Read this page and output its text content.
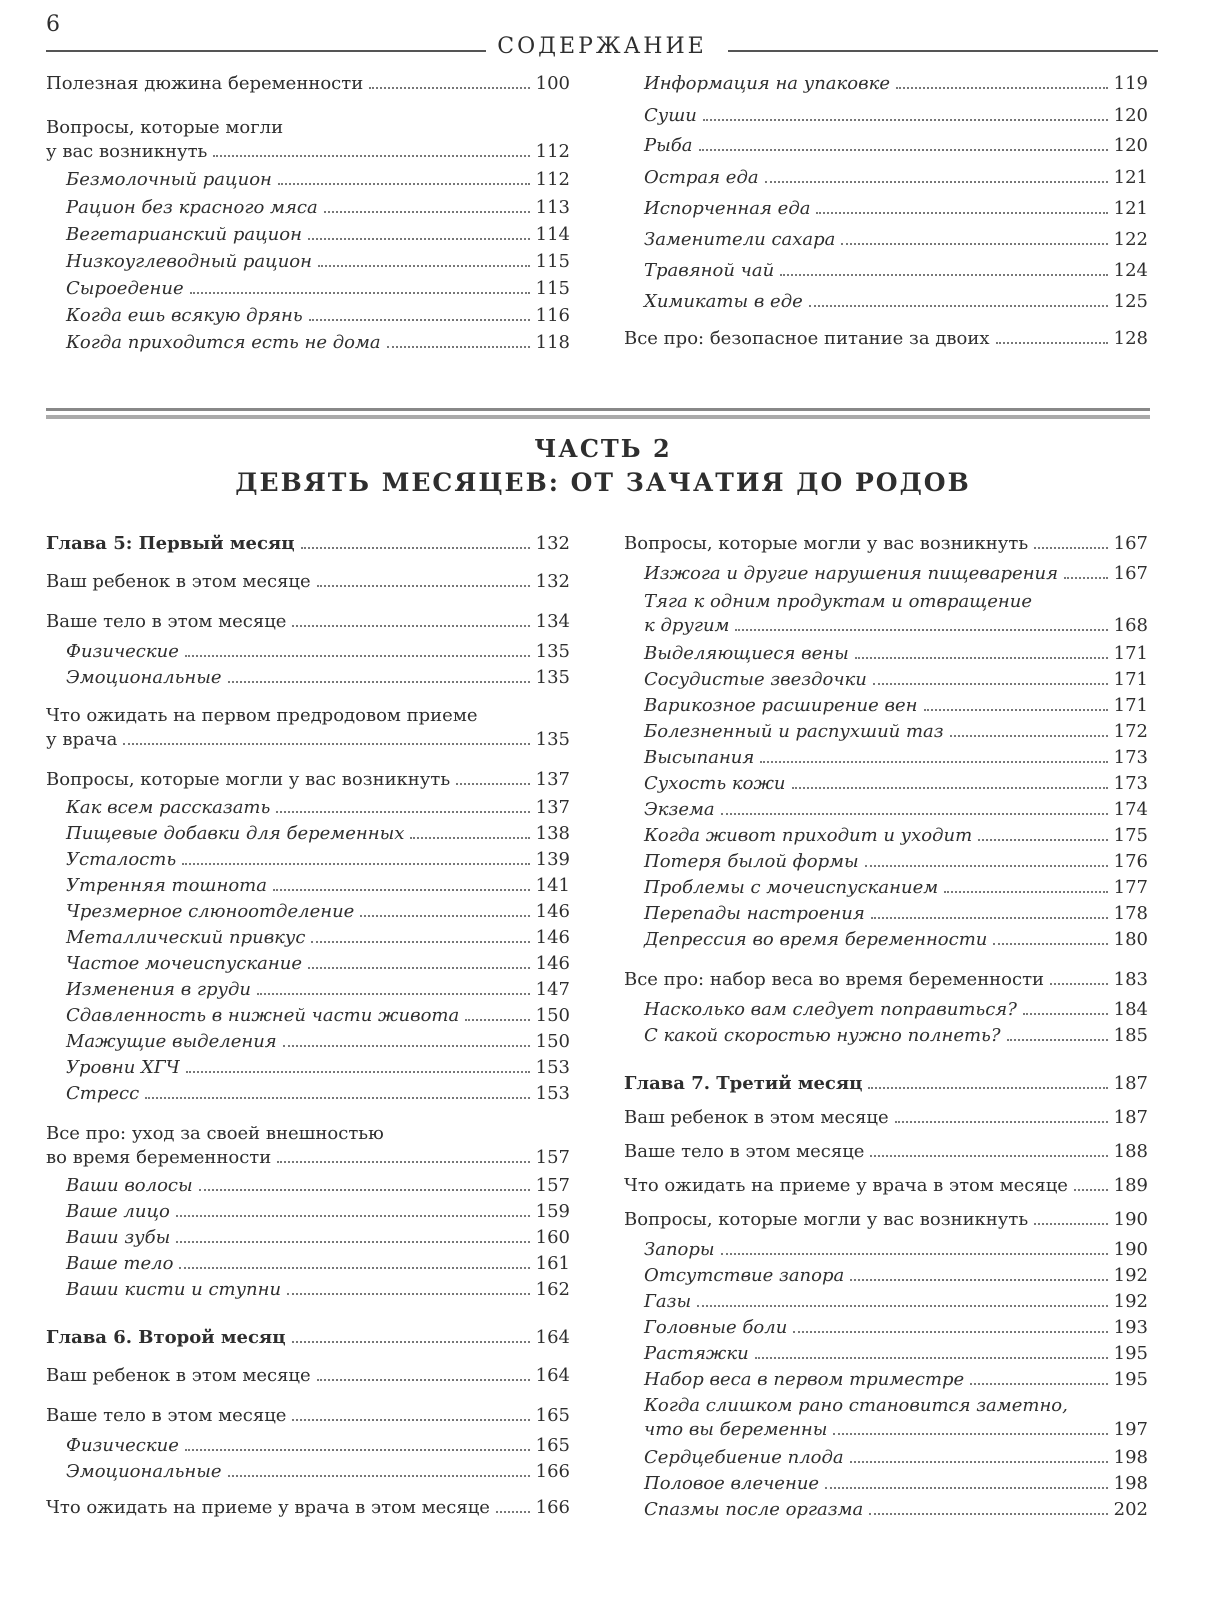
6
СОДЕРЖАНИЕ
Полезная дюжина беременности	100
Вопросы, которые могли
у вас возникнуть	112
Безмолочный рацион	112
Рацион без красного мяса	113
Вегетарианский рацион	114
Низкоуглеводный рацион	115
Сыроедение	115
Когда ешь всякую дрянь	116
Когда приходится есть не дома	118
Информация на упаковке	119
Суши	120
Рыба	120
Острая еда	121
Испорченная еда	121
Заменители сахара	122
Травяной чай	124
Химикаты в еде	125
Все про: безопасное питание за двоих	128
ЧАСТЬ 2
ДЕВЯТЬ МЕСЯЦЕВ: ОТ ЗАЧАТИЯ ДО РОДОВ
Глава 5: Первый месяц	132
Ваш ребенок в этом месяце	132
Ваше тело в этом месяце	134
Физические	135
Эмоциональные	135
Что ожидать на первом предродовом приеме
у врача	135
Вопросы, которые могли у вас возникнуть	137
Как всем рассказать	137
Пищевые добавки для беременных	138
Усталость	139
Утренняя тошнота	141
Чрезмерное слюноотделение	146
Металлический привкус	146
Частое мочеиспускание	146
Изменения в груди	147
Сдавленность в нижней части живота	150
Мажущие выделения	150
Уровни ХГЧ	153
Стресс	153
Все про: уход за своей внешностью
во время беременности	157
Ваши волосы	157
Ваше лицо	159
Ваши зубы	160
Ваше тело	161
Ваши кисти и ступни	162
Глава 6. Второй месяц	164
Ваш ребенок в этом месяце	164
Ваше тело в этом месяце	165
Физические	165
Эмоциональные	166
Что ожидать на приеме у врача в этом месяце	166
Вопросы, которые могли у вас возникнуть	167
Изжога и другие нарушения пищеварения	167
Тяга к одним продуктам и отвращение
к другим	168
Выделяющиеся вены	171
Сосудистые звездочки	171
Варикозное расширение вен	171
Болезненный и распухший таз	172
Высыпания	173
Сухость кожи	173
Экзема	174
Когда живот приходит и уходит	175
Потеря былой формы	176
Проблемы с мочеиспусканием	177
Перепады настроения	178
Депрессия во время беременности	180
Все про: набор веса во время беременности	183
Насколько вам следует поправиться?	184
С какой скоростью нужно полнеть?	185
Глава 7. Третий месяц	187
Ваш ребенок в этом месяце	187
Ваше тело в этом месяце	188
Что ожидать на приеме у врача в этом месяце	189
Вопросы, которые могли у вас возникнуть	190
Запоры	190
Отсутствие запора	192
Газы	192
Головные боли	193
Растяжки	195
Набор веса в первом триместре	195
Когда слишком рано становится заметно,
что вы беременны	197
Сердцебиение плода	198
Половое влечение	198
Спазмы после оргазма	202
